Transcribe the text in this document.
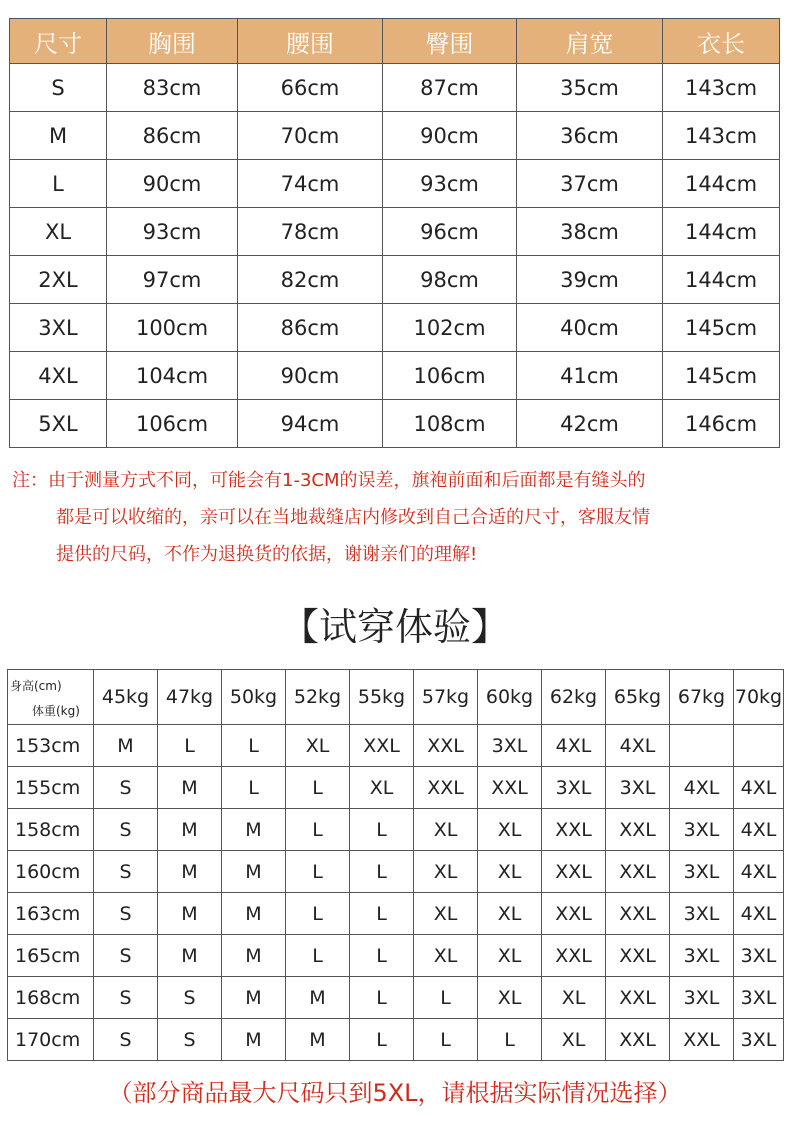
尺寸	胸围	腰围	臀围	肩宽	衣长
S	83cm	66cm	87cm	35cm	143cm
M	86cm	70cm	90cm	36cm	143cm
L	90cm	74cm	93cm	37cm	144cm
XL	93cm	78cm	96cm	38cm	144cm
2XL	97cm	82cm	98cm	39cm	144cm
3XL	100cm	86cm	102cm	40cm	145cm
4XL	104cm	90cm	106cm	41cm	145cm
5XL	106cm	94cm	108cm	42cm	146cm
注：由于测量方式不同，可能会有1-3CM的误差，旗袍前面和后面都是有缝头的
都是可以收缩的，亲可以在当地裁缝店内修改到自己合适的尺寸，客服友情
提供的尺码，不作为退换货的依据，谢谢亲们的理解!
【试穿体验】
身高(cm)
体重(kg)	45kg	47kg	50kg	52kg	55kg	57kg	60kg	62kg	65kg	67kg	70kg
153cm	M	L	L	XL	XXL	XXL	3XL	4XL	4XL		
155cm	S	M	L	L	XL	XXL	XXL	3XL	3XL	4XL	4XL
158cm	S	M	M	L	L	XL	XL	XXL	XXL	3XL	4XL
160cm	S	M	M	L	L	XL	XL	XXL	XXL	3XL	4XL
163cm	S	M	M	L	L	XL	XL	XXL	XXL	3XL	4XL
165cm	S	M	M	L	L	XL	XL	XXL	XXL	3XL	3XL
168cm	S	S	M	M	L	L	XL	XL	XXL	3XL	3XL
170cm	S	S	M	M	L	L	L	XL	XXL	XXL	3XL
（部分商品最大尺码只到5XL，请根据实际情况选择）
